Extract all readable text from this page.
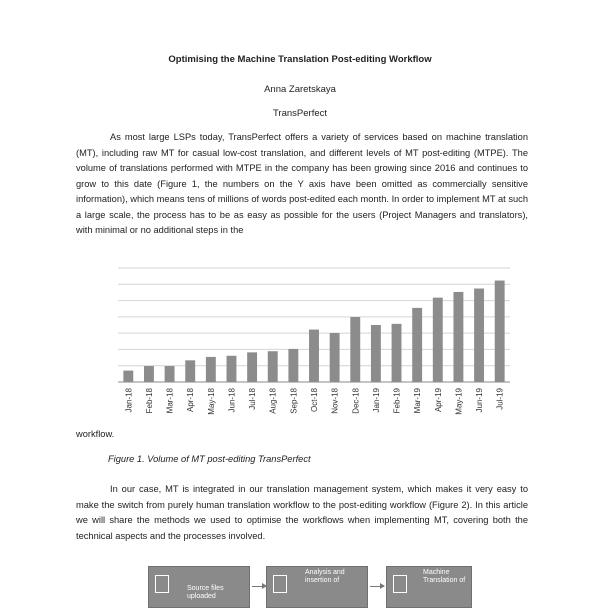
Optimising the Machine Translation Post-editing Workflow
Anna Zaretskaya
TransPerfect
As most large LSPs today, TransPerfect offers a variety of services based on machine translation (MT), including raw MT for casual low-cost translation, and different levels of MT post-editing (MTPE). The volume of translations performed with MTPE in the company has been growing since 2016 and continues to grow to this date (Figure 1, the numbers on the Y axis have been omitted as commercially sensitive information), which means tens of millions of words post-edited each month. In order to implement MT at such a large scale, the process has to be as easy as possible for the users (Project Managers and translators), with minimal or no additional steps in the
Jan-18 Feb-18 Mar-18 Apr-18 May-18 Jun-18 Jul-18 Aug-18 Sep-18 Oct-18 Nov-18 Dec-18 Jan-19 Feb-19 Mar-19 Apr-19 May-19 Jun-19 Jul-19
workflow.
Figure 1. Volume of MT post-editing TransPerfect
In our case, MT is integrated in our translation management system, which makes it very easy to make the switch from purely human translation workflow to the post-editing workflow (Figure 2). In this article we will share the methods we used to optimise the workflows when implementing MT, covering both the technical aspects and the processes involved.
Source files uploaded
Analysis and insertion of
Machine Translation of
